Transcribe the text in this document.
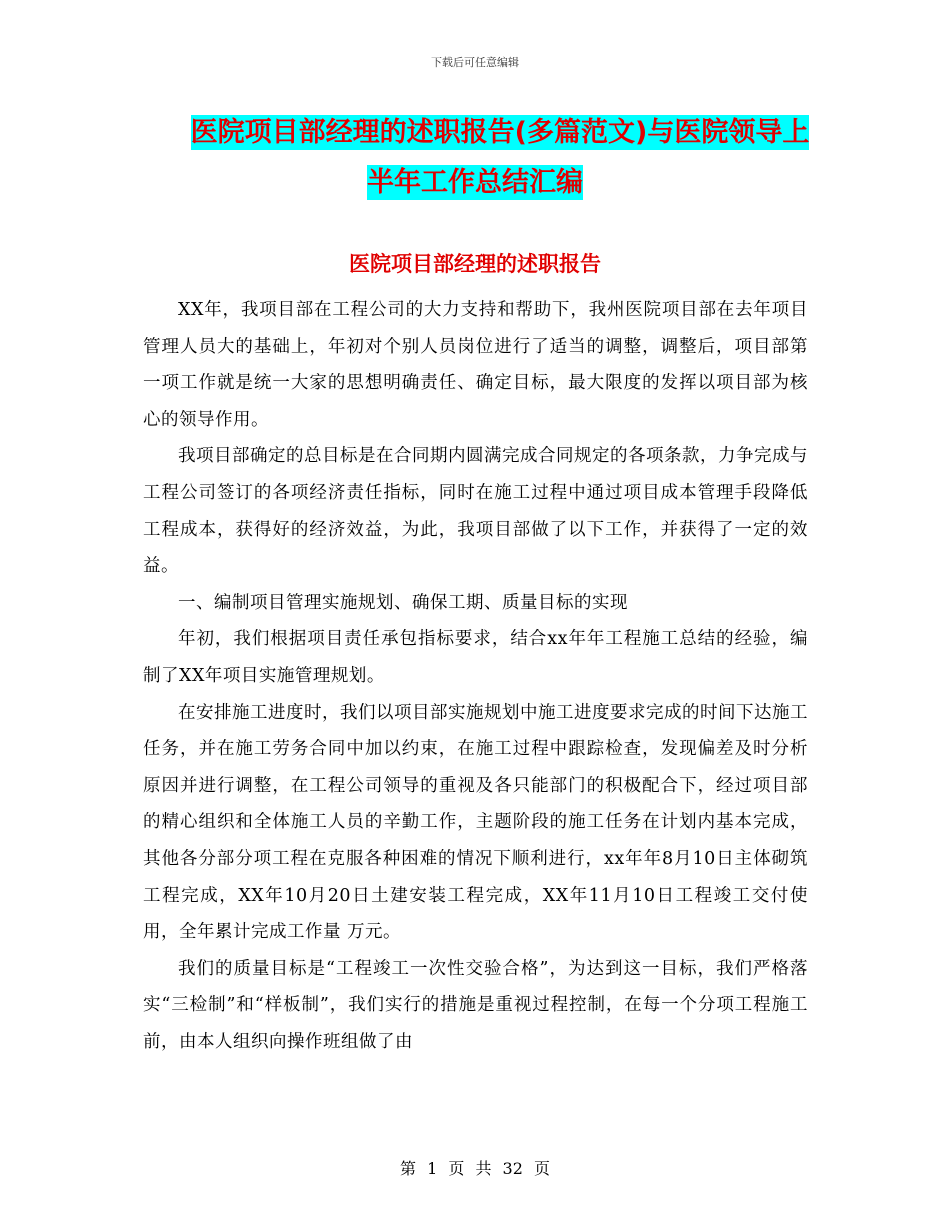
下载后可任意编辑
医院项目部经理的述职报告(多篇范文)与医院领导上
半年工作总结汇编
医院项目部经理的述职报告

XX年，我项目部在工程公司的大力支持和帮助下，我州医院项目部在去年项目管理人员大的基础上，年初对个别人员岗位进行了适当的调整，调整后，项目部第一项工作就是统一大家的思想明确责任、确定目标，最大限度的发挥以项目部为核心的领导作用。

我项目部确定的总目标是在合同期内圆满完成合同规定的各项条款，力争完成与工程公司签订的各项经济责任指标，同时在施工过程中通过项目成本管理手段降低工程成本，获得好的经济效益，为此，我项目部做了以下工作，并获得了一定的效益。

一、编制项目管理实施规划、确保工期、质量目标的实现

年初，我们根据项目责任承包指标要求，结合xx年年工程施工总结的经验，编制了XX年项目实施管理规划。

在安排施工进度时，我们以项目部实施规划中施工进度要求完成的时间下达施工任务，并在施工劳务合同中加以约束，在施工过程中跟踪检查，发现偏差及时分析原因并进行调整，在工程公司领导的重视及各只能部门的积极配合下，经过项目部的精心组织和全体施工人员的辛勤工作，主题阶段的施工任务在计划内基本完成，其他各分部分项工程在克服各种困难的情况下顺利进行，xx年年8月10日主体砌筑工程完成，XX年10月20日土建安装工程完成，XX年11月10日工程竣工交付使用，全年累计完成工作量 万元。

我们的质量目标是“工程竣工一次性交验合格”，为达到这一目标，我们严格落实“三检制”和“样板制”，我们实行的措施是重视过程控制，在每一个分项工程施工前，由本人组织向操作班组做了由

第 1 页 共 32 页
